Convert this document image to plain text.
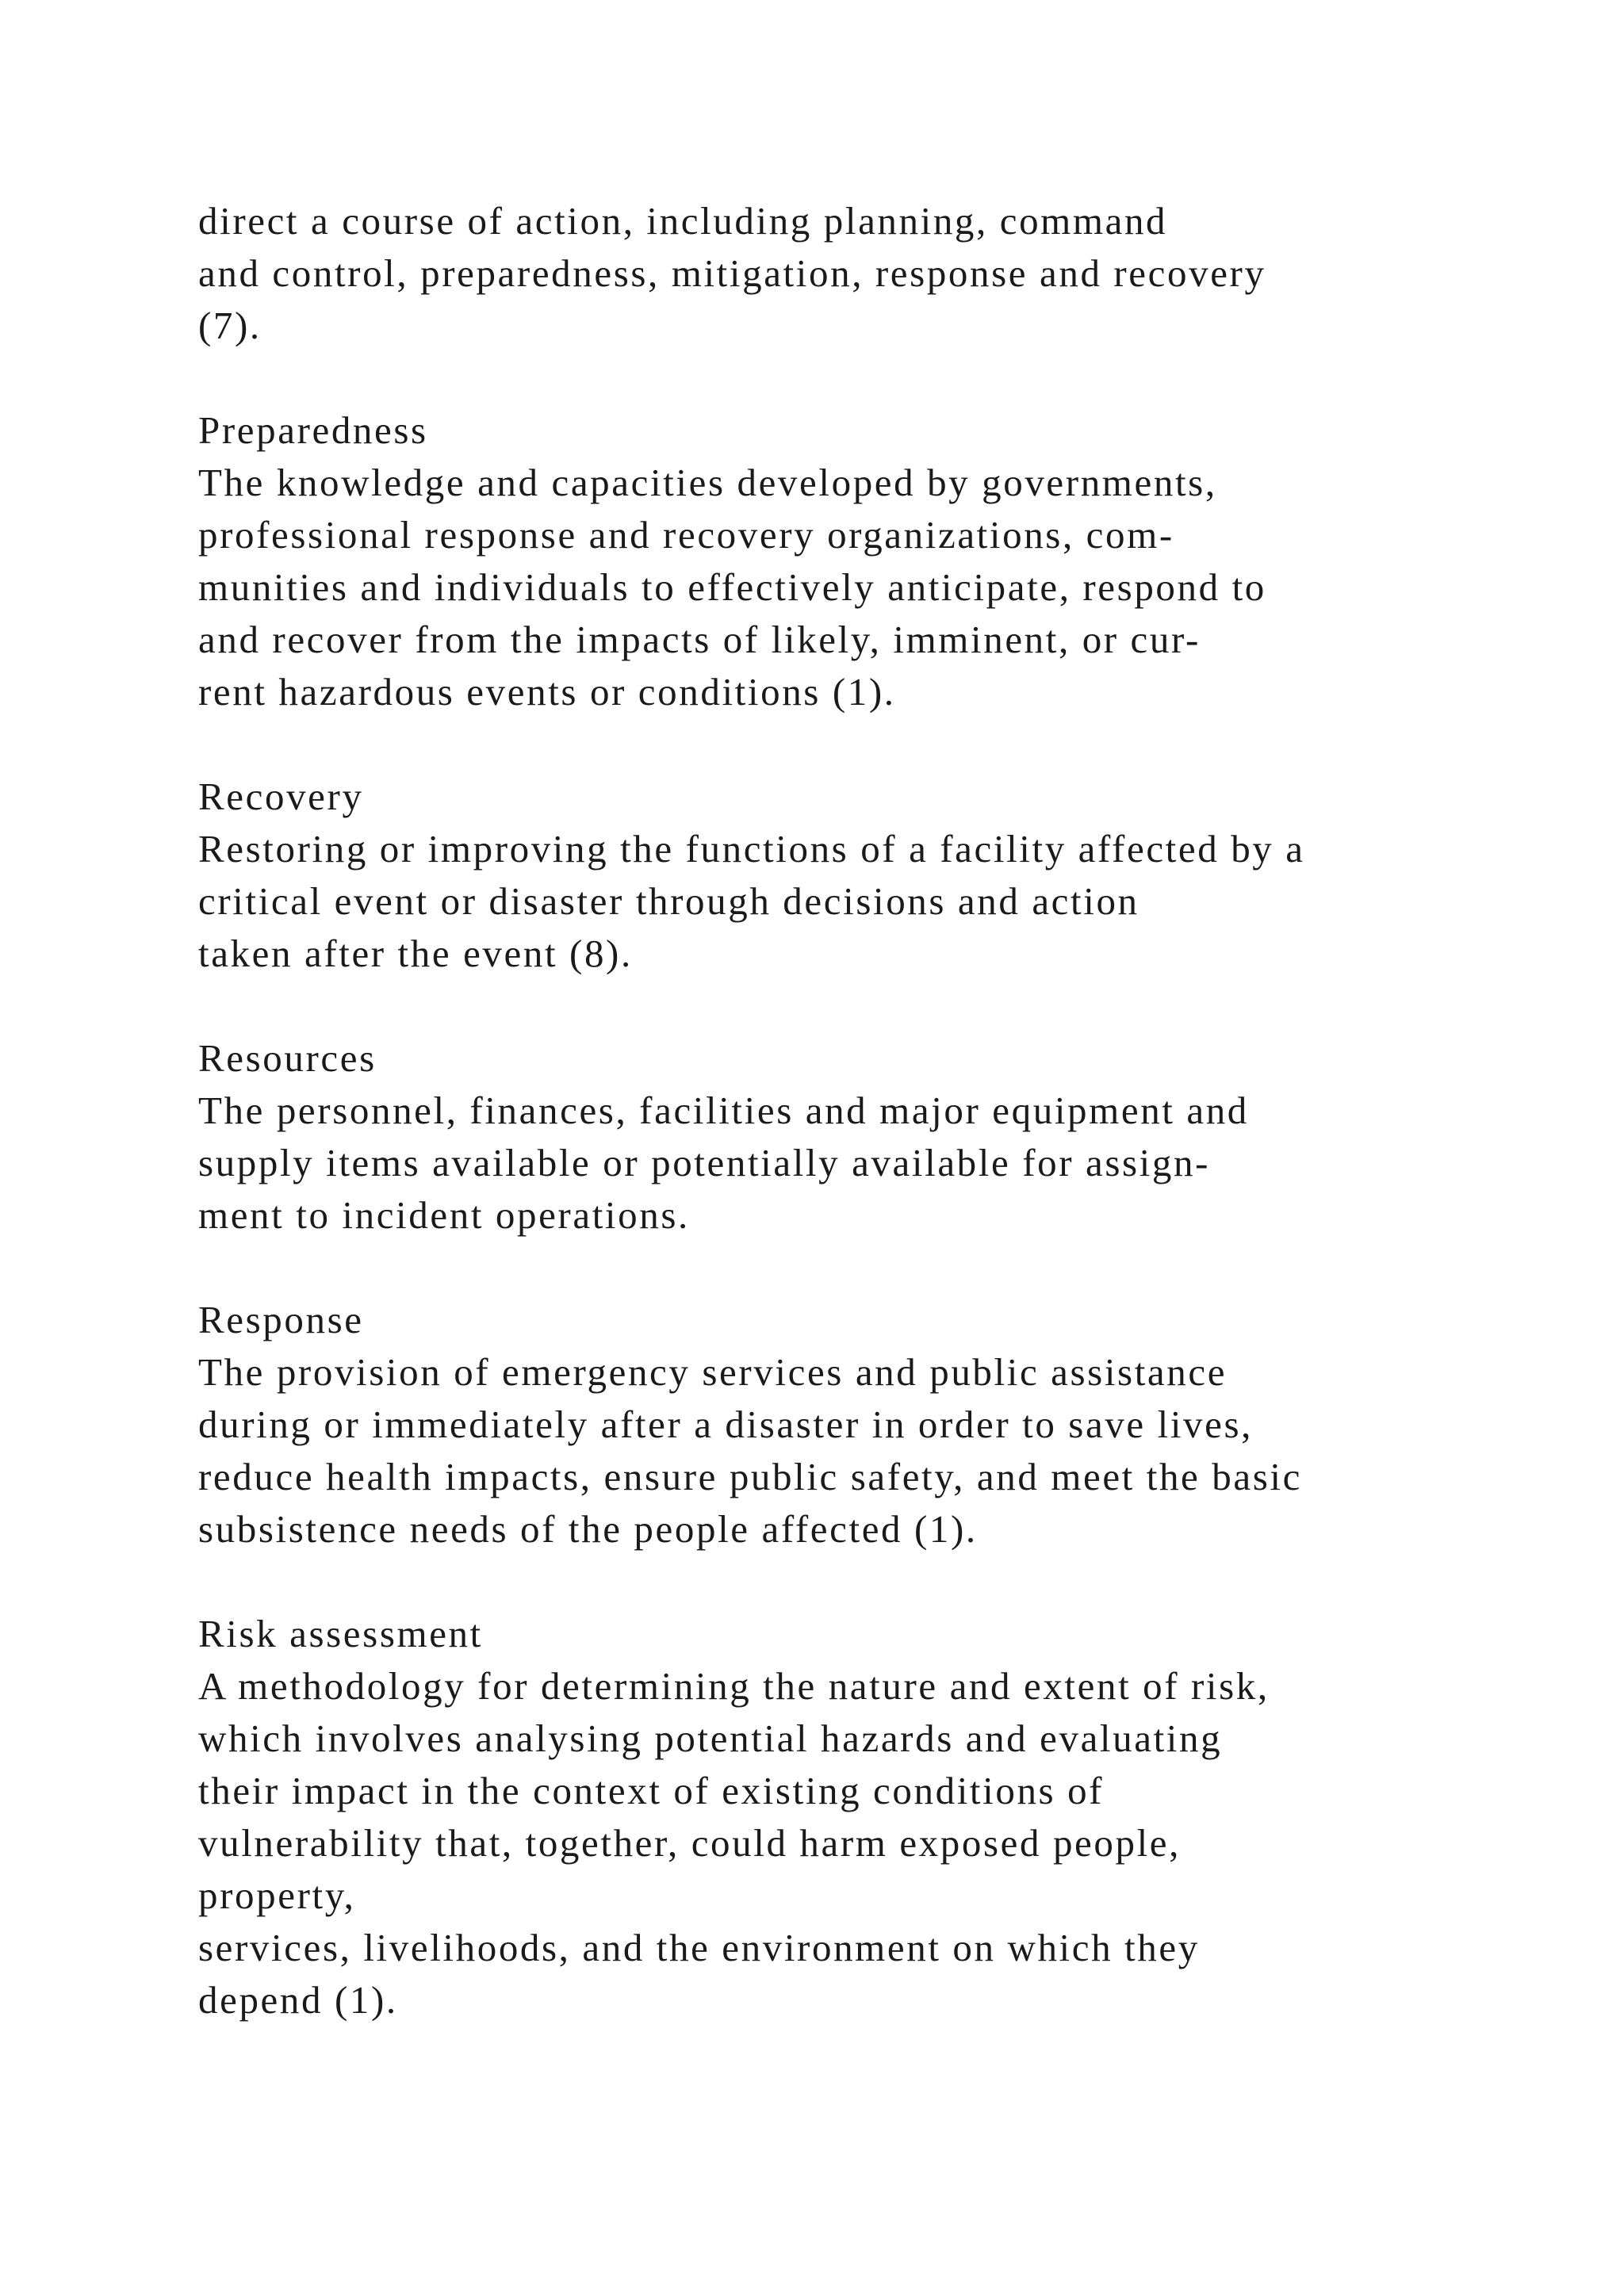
direct a course of action, including planning, command
and control, preparedness, mitigation, response and recovery
(7).
Preparedness
The knowledge and capacities developed by governments,
professional response and recovery organizations, com-
munities and individuals to effectively anticipate, respond to
and recover from the impacts of likely, imminent, or cur-
rent hazardous events or conditions (1).
Recovery
Restoring or improving the functions of a facility affected by a
critical event or disaster through decisions and action
taken after the event (8).
Resources
The personnel, finances, facilities and major equipment and
supply items available or potentially available for assign-
ment to incident operations.
Response
The provision of emergency services and public assistance
during or immediately after a disaster in order to save lives,
reduce health impacts, ensure public safety, and meet the basic
subsistence needs of the people affected (1).
Risk assessment
A methodology for determining the nature and extent of risk,
which involves analysing potential hazards and evaluating
their impact in the context of existing conditions of
vulnerability that, together, could harm exposed people,
property,
services, livelihoods, and the environment on which they
depend (1).
